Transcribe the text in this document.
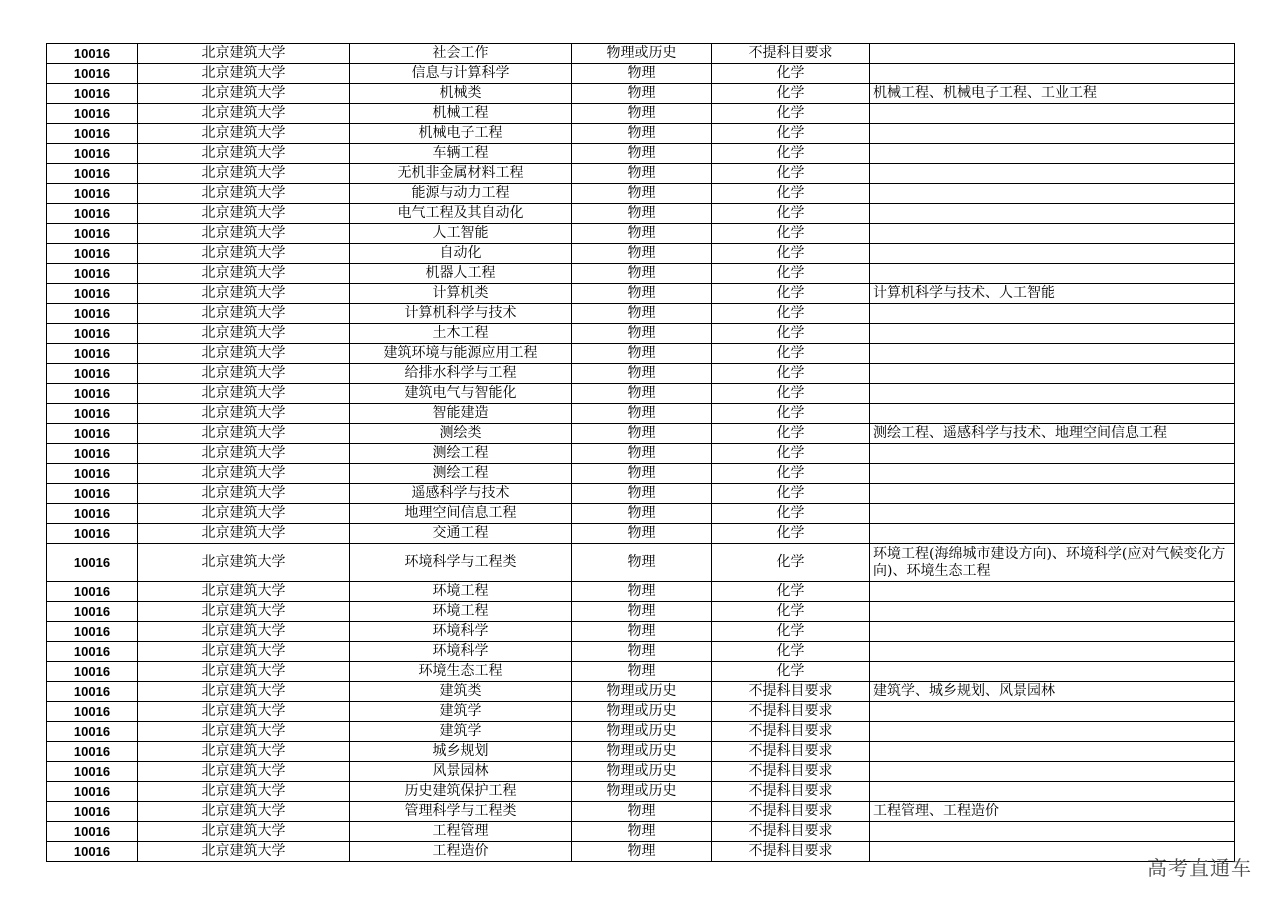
10016	北京建筑大学	社会工作	物理或历史	不提科目要求	
10016	北京建筑大学	信息与计算科学	物理	化学	
10016	北京建筑大学	机械类	物理	化学	机械工程、机械电子工程、工业工程
10016	北京建筑大学	机械工程	物理	化学	
10016	北京建筑大学	机械电子工程	物理	化学	
10016	北京建筑大学	车辆工程	物理	化学	
10016	北京建筑大学	无机非金属材料工程	物理	化学	
10016	北京建筑大学	能源与动力工程	物理	化学	
10016	北京建筑大学	电气工程及其自动化	物理	化学	
10016	北京建筑大学	人工智能	物理	化学	
10016	北京建筑大学	自动化	物理	化学	
10016	北京建筑大学	机器人工程	物理	化学	
10016	北京建筑大学	计算机类	物理	化学	计算机科学与技术、人工智能
10016	北京建筑大学	计算机科学与技术	物理	化学	
10016	北京建筑大学	土木工程	物理	化学	
10016	北京建筑大学	建筑环境与能源应用工程	物理	化学	
10016	北京建筑大学	给排水科学与工程	物理	化学	
10016	北京建筑大学	建筑电气与智能化	物理	化学	
10016	北京建筑大学	智能建造	物理	化学	
10016	北京建筑大学	测绘类	物理	化学	测绘工程、遥感科学与技术、地理空间信息工程
10016	北京建筑大学	测绘工程	物理	化学	
10016	北京建筑大学	测绘工程	物理	化学	
10016	北京建筑大学	遥感科学与技术	物理	化学	
10016	北京建筑大学	地理空间信息工程	物理	化学	
10016	北京建筑大学	交通工程	物理	化学	
10016	北京建筑大学	环境科学与工程类	物理	化学	环境工程(海绵城市建设方向)、环境科学(应对气候变化方向)、环境生态工程
10016	北京建筑大学	环境工程	物理	化学	
10016	北京建筑大学	环境工程	物理	化学	
10016	北京建筑大学	环境科学	物理	化学	
10016	北京建筑大学	环境科学	物理	化学	
10016	北京建筑大学	环境生态工程	物理	化学	
10016	北京建筑大学	建筑类	物理或历史	不提科目要求	建筑学、城乡规划、风景园林
10016	北京建筑大学	建筑学	物理或历史	不提科目要求	
10016	北京建筑大学	建筑学	物理或历史	不提科目要求	
10016	北京建筑大学	城乡规划	物理或历史	不提科目要求	
10016	北京建筑大学	风景园林	物理或历史	不提科目要求	
10016	北京建筑大学	历史建筑保护工程	物理或历史	不提科目要求	
10016	北京建筑大学	管理科学与工程类	物理	不提科目要求	工程管理、工程造价
10016	北京建筑大学	工程管理	物理	不提科目要求	
10016	北京建筑大学	工程造价	物理	不提科目要求	
高考直通车
